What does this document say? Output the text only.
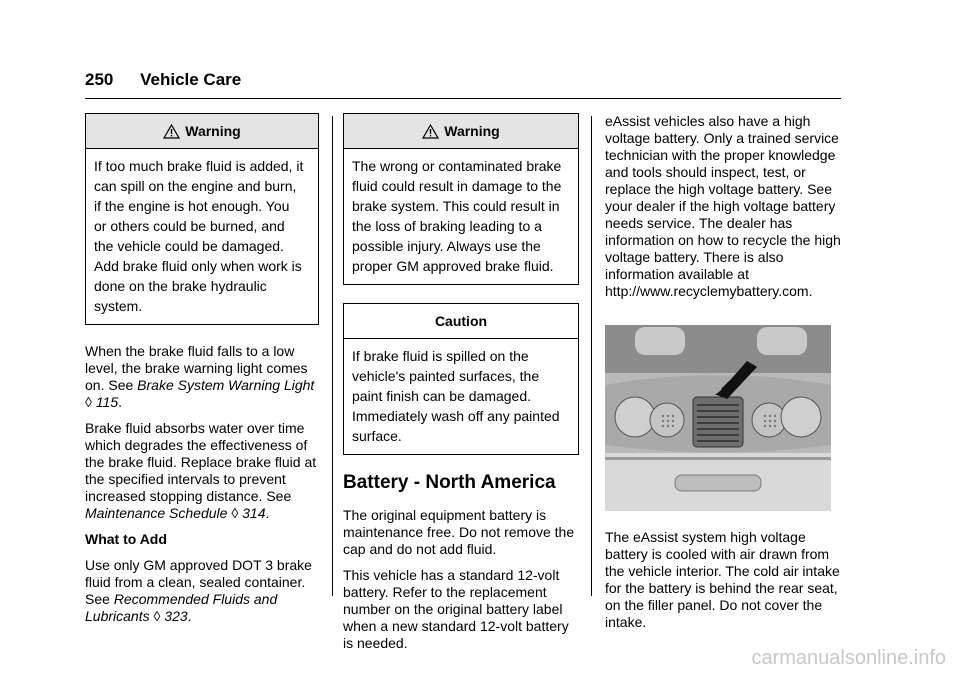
250 Vehicle Care
Warning
If too much brake fluid is added, it
can spill on the engine and burn,
if the engine is hot enough. You
or others could be burned, and
the vehicle could be damaged.
Add brake fluid only when work is
done on the brake hydraulic
system.

When the brake fluid falls to a low level, the brake warning light comes on. See Brake System Warning Light ◊ 115.

Brake fluid absorbs water over time which degrades the effectiveness of the brake fluid. Replace brake fluid at the specified intervals to prevent increased stopping distance. See Maintenance Schedule ◊ 314.

What to Add

Use only GM approved DOT 3 brake fluid from a clean, sealed container. See Recommended Fluids and Lubricants ◊ 323.

Warning
The wrong or contaminated brake
fluid could result in damage to the
brake system. This could result in
the loss of braking leading to a
possible injury. Always use the
proper GM approved brake fluid.
Caution
If brake fluid is spilled on the
vehicle's painted surfaces, the
paint finish can be damaged.
Immediately wash off any painted
surface.
Battery - North America

The original equipment battery is maintenance free. Do not remove the cap and do not add fluid.

This vehicle has a standard 12-volt battery. Refer to the replacement number on the original battery label when a new standard 12-volt battery is needed.

eAssist vehicles also have a high voltage battery. Only a trained service technician with the proper knowledge and tools should inspect, test, or replace the high voltage battery. See your dealer if the high voltage battery needs service. The dealer has information on how to recycle the high voltage battery. There is also information available at http://www.recyclemybattery.com.

The eAssist system high voltage battery is cooled with air drawn from the vehicle interior. The cold air intake for the battery is behind the rear seat, on the filler panel. Do not cover the intake.

carmanualsonline.info
